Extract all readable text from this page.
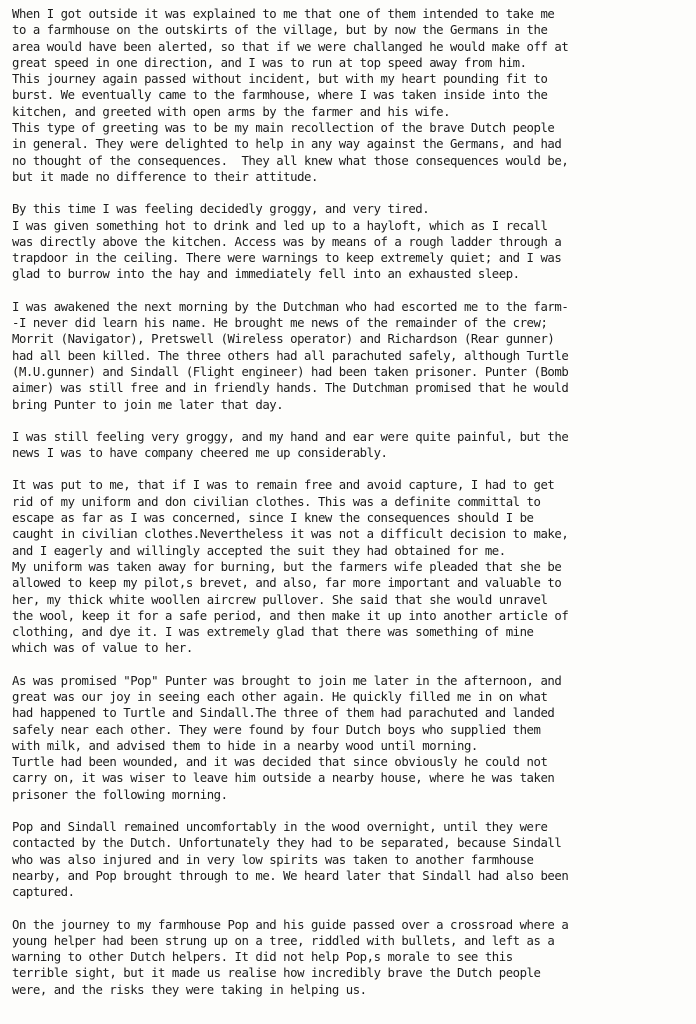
When I got outside it was explained to me that one of them intended to take me
to a farmhouse on the outskirts of the village, but by now the Germans in the
area would have been alerted, so that if we were challanged he would make off at
great speed in one direction, and I was to run at top speed away from him.
This journey again passed without incident, but with my heart pounding fit to
burst. We eventually came to the farmhouse, where I was taken inside into the
kitchen, and greeted with open arms by the farmer and his wife.
This type of greeting was to be my main recollection of the brave Dutch people
in general. They were delighted to help in any way against the Germans, and had
no thought of the consequences.  They all knew what those consequences would be,
but it made no difference to their attitude.

By this time I was feeling decidedly groggy, and very tired.
I was given something hot to drink and led up to a hayloft, which as I recall
was directly above the kitchen. Access was by means of a rough ladder through a
trapdoor in the ceiling. There were warnings to keep extremely quiet; and I was
glad to burrow into the hay and immediately fell into an exhausted sleep.

I was awakened the next morning by the Dutchman who had escorted me to the farm-
-I never did learn his name. He brought me news of the remainder of the crew;
Morrit (Navigator), Pretswell (Wireless operator) and Richardson (Rear gunner)
had all been killed. The three others had all parachuted safely, although Turtle
(M.U.gunner) and Sindall (Flight engineer) had been taken prisoner. Punter (Bomb
aimer) was still free and in friendly hands. The Dutchman promised that he would
bring Punter to join me later that day.

I was still feeling very groggy, and my hand and ear were quite painful, but the
news I was to have company cheered me up considerably.

It was put to me, that if I was to remain free and avoid capture, I had to get
rid of my uniform and don civilian clothes. This was a definite committal to
escape as far as I was concerned, since I knew the consequences should I be
caught in civilian clothes.Nevertheless it was not a difficult decision to make,
and I eagerly and willingly accepted the suit they had obtained for me.
My uniform was taken away for burning, but the farmers wife pleaded that she be
allowed to keep my pilot,s brevet, and also, far more important and valuable to
her, my thick white woollen aircrew pullover. She said that she would unravel
the wool, keep it for a safe period, and then make it up into another article of
clothing, and dye it. I was extremely glad that there was something of mine
which was of value to her.

As was promised "Pop" Punter was brought to join me later in the afternoon, and
great was our joy in seeing each other again. He quickly filled me in on what
had happened to Turtle and Sindall.The three of them had parachuted and landed
safely near each other. They were found by four Dutch boys who supplied them
with milk, and advised them to hide in a nearby wood until morning.
Turtle had been wounded, and it was decided that since obviously he could not
carry on, it was wiser to leave him outside a nearby house, where he was taken
prisoner the following morning.

Pop and Sindall remained uncomfortably in the wood overnight, until they were
contacted by the Dutch. Unfortunately they had to be separated, because Sindall
who was also injured and in very low spirits was taken to another farmhouse
nearby, and Pop brought through to me. We heard later that Sindall had also been
captured.

On the journey to my farmhouse Pop and his guide passed over a crossroad where a
young helper had been strung up on a tree, riddled with bullets, and left as a
warning to other Dutch helpers. It did not help Pop,s morale to see this
terrible sight, but it made us realise how incredibly brave the Dutch people
were, and the risks they were taking in helping us.
